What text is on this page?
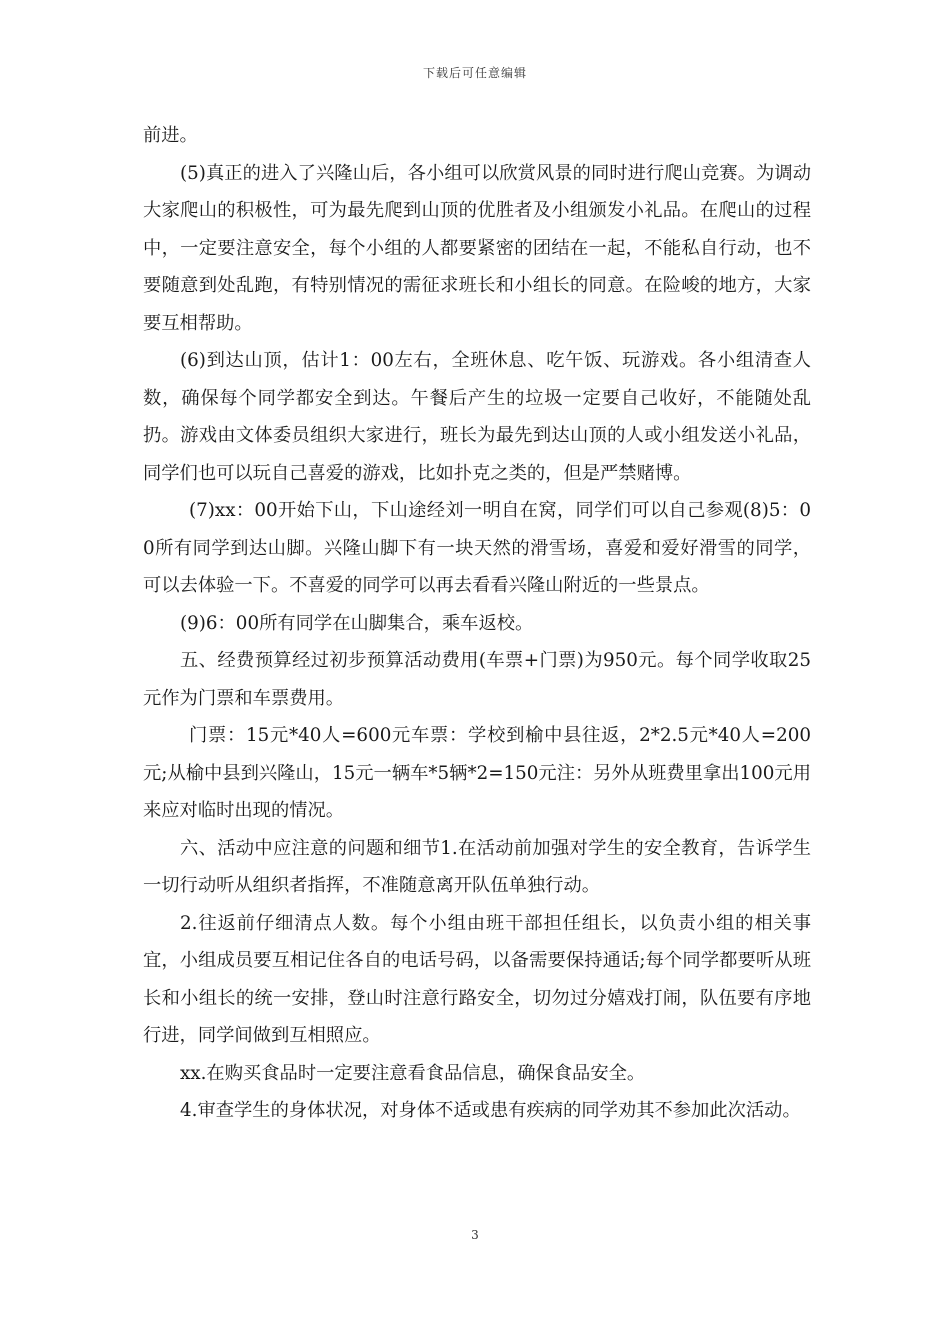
下载后可任意编辑

前进。

(5)真正的进入了兴隆山后，各小组可以欣赏风景的同时进行爬山竞赛。为调动大家爬山的积极性，可为最先爬到山顶的优胜者及小组颁发小礼品。在爬山的过程中，一定要注意安全，每个小组的人都要紧密的团结在一起，不能私自行动，也不要随意到处乱跑，有特别情况的需征求班长和小组长的同意。在险峻的地方，大家要互相帮助。

(6)到达山顶，估计1：00左右，全班休息、吃午饭、玩游戏。各小组清查人数，确保每个同学都安全到达。午餐后产生的垃圾一定要自己收好，不能随处乱扔。游戏由文体委员组织大家进行，班长为最先到达山顶的人或小组发送小礼品，同学们也可以玩自己喜爱的游戏，比如扑克之类的，但是严禁赌博。

(7)xx：00开始下山，下山途经刘一明自在窝，同学们可以自己参观(8)5：00所有同学到达山脚。兴隆山脚下有一块天然的滑雪场，喜爱和爱好滑雪的同学，可以去体验一下。不喜爱的同学可以再去看看兴隆山附近的一些景点。

(9)6：00所有同学在山脚集合，乘车返校。

五、经费预算经过初步预算活动费用(车票+门票)为950元。每个同学收取25元作为门票和车票费用。

门票：15元*40人=600元车票：学校到榆中县往返，2*2.5元*40人=200元;从榆中县到兴隆山，15元一辆车*5辆*2=150元注：另外从班费里拿出100元用来应对临时出现的情况。

六、活动中应注意的问题和细节1.在活动前加强对学生的安全教育，告诉学生一切行动听从组织者指挥，不准随意离开队伍单独行动。

2.往返前仔细清点人数。每个小组由班干部担任组长，以负责小组的相关事宜，小组成员要互相记住各自的电话号码，以备需要保持通话;每个同学都要听从班长和小组长的统一安排，登山时注意行路安全，切勿过分嬉戏打闹，队伍要有序地行进，同学间做到互相照应。

xx.在购买食品时一定要注意看食品信息，确保食品安全。

4.审查学生的身体状况，对身体不适或患有疾病的同学劝其不参加此次活动。

3
